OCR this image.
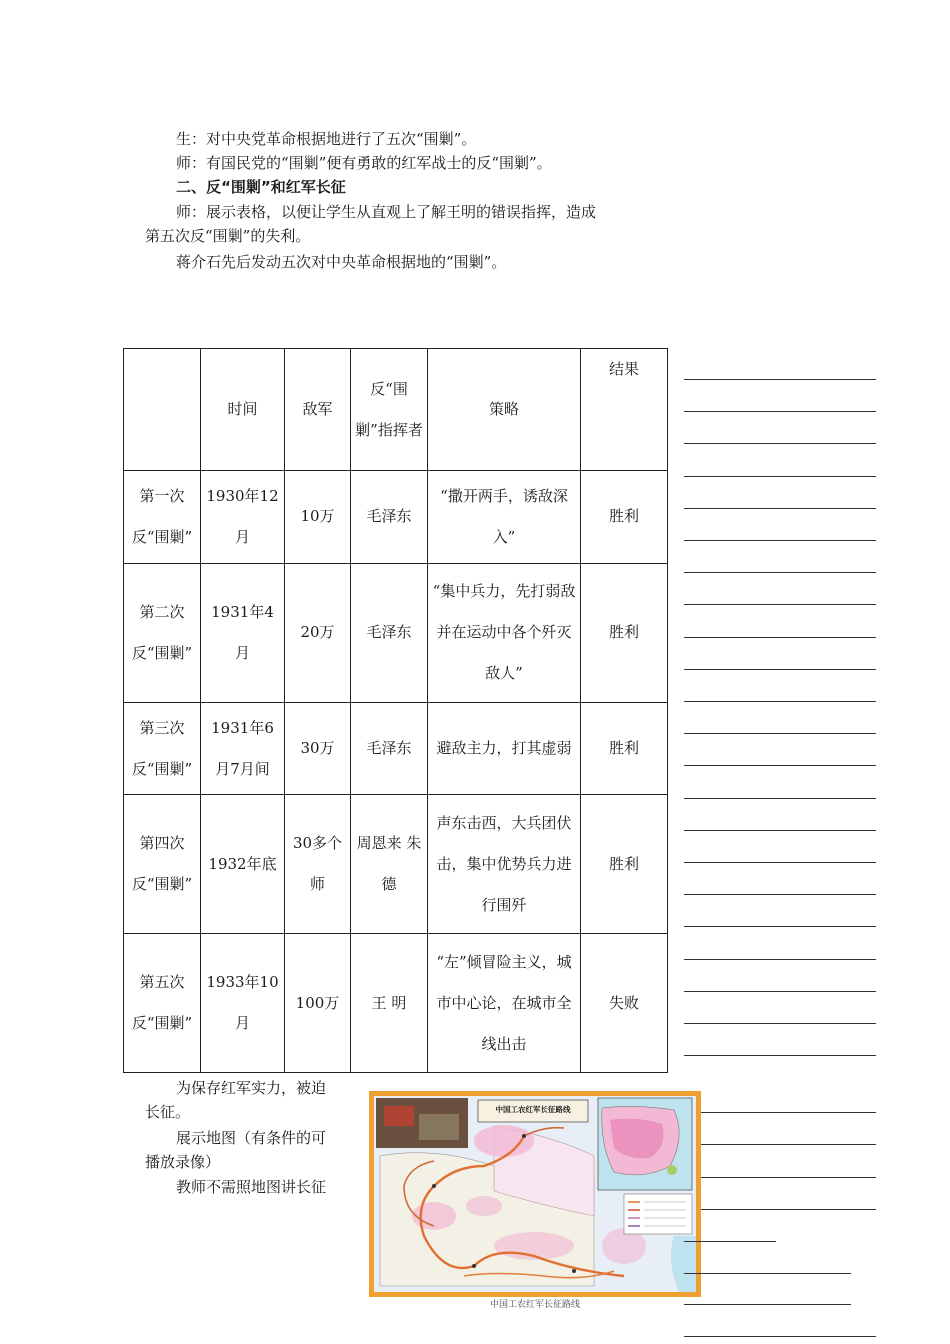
生：对中央党革命根据地进行了五次“围剿”。
师：有国民党的“围剿”便有勇敢的红军战士的反“围剿”。
二、反“围剿”和红军长征
师：展示表格，以便让学生从直观上了解王明的错误指挥，造成
第五次反“围剿”的失利。
蒋介石先后发动五次对中央革命根据地的“围剿”。
	时间	敌军	反“围剿”指挥者	策略	结果
第一次反“围剿”	1930年12月	10万	毛泽东	“撒开两手，诱敌深入”	胜利
第二次反“围剿”	1931年4月	20万	毛泽东	“集中兵力，先打弱敌并在运动中各个歼灭敌人”	胜利
第三次反“围剿”	1931年6月7月间	30万	毛泽东	避敌主力，打其虚弱	胜利
第四次反“围剿”	1932年底	30多个师	周恩来 朱 德	声东击西，大兵团伏击，集中优势兵力进行围歼	胜利
第五次反“围剿”	1933年10月	100万	王 明	“左”倾冒险主义，城市中心论，在城市全线出击	失败
为保存红军实力，被迫
长征。
展示地图（有条件的可
播放录像）
教师不需照地图讲长征
中国工农红军长征路线
中国工农红军长征路线
